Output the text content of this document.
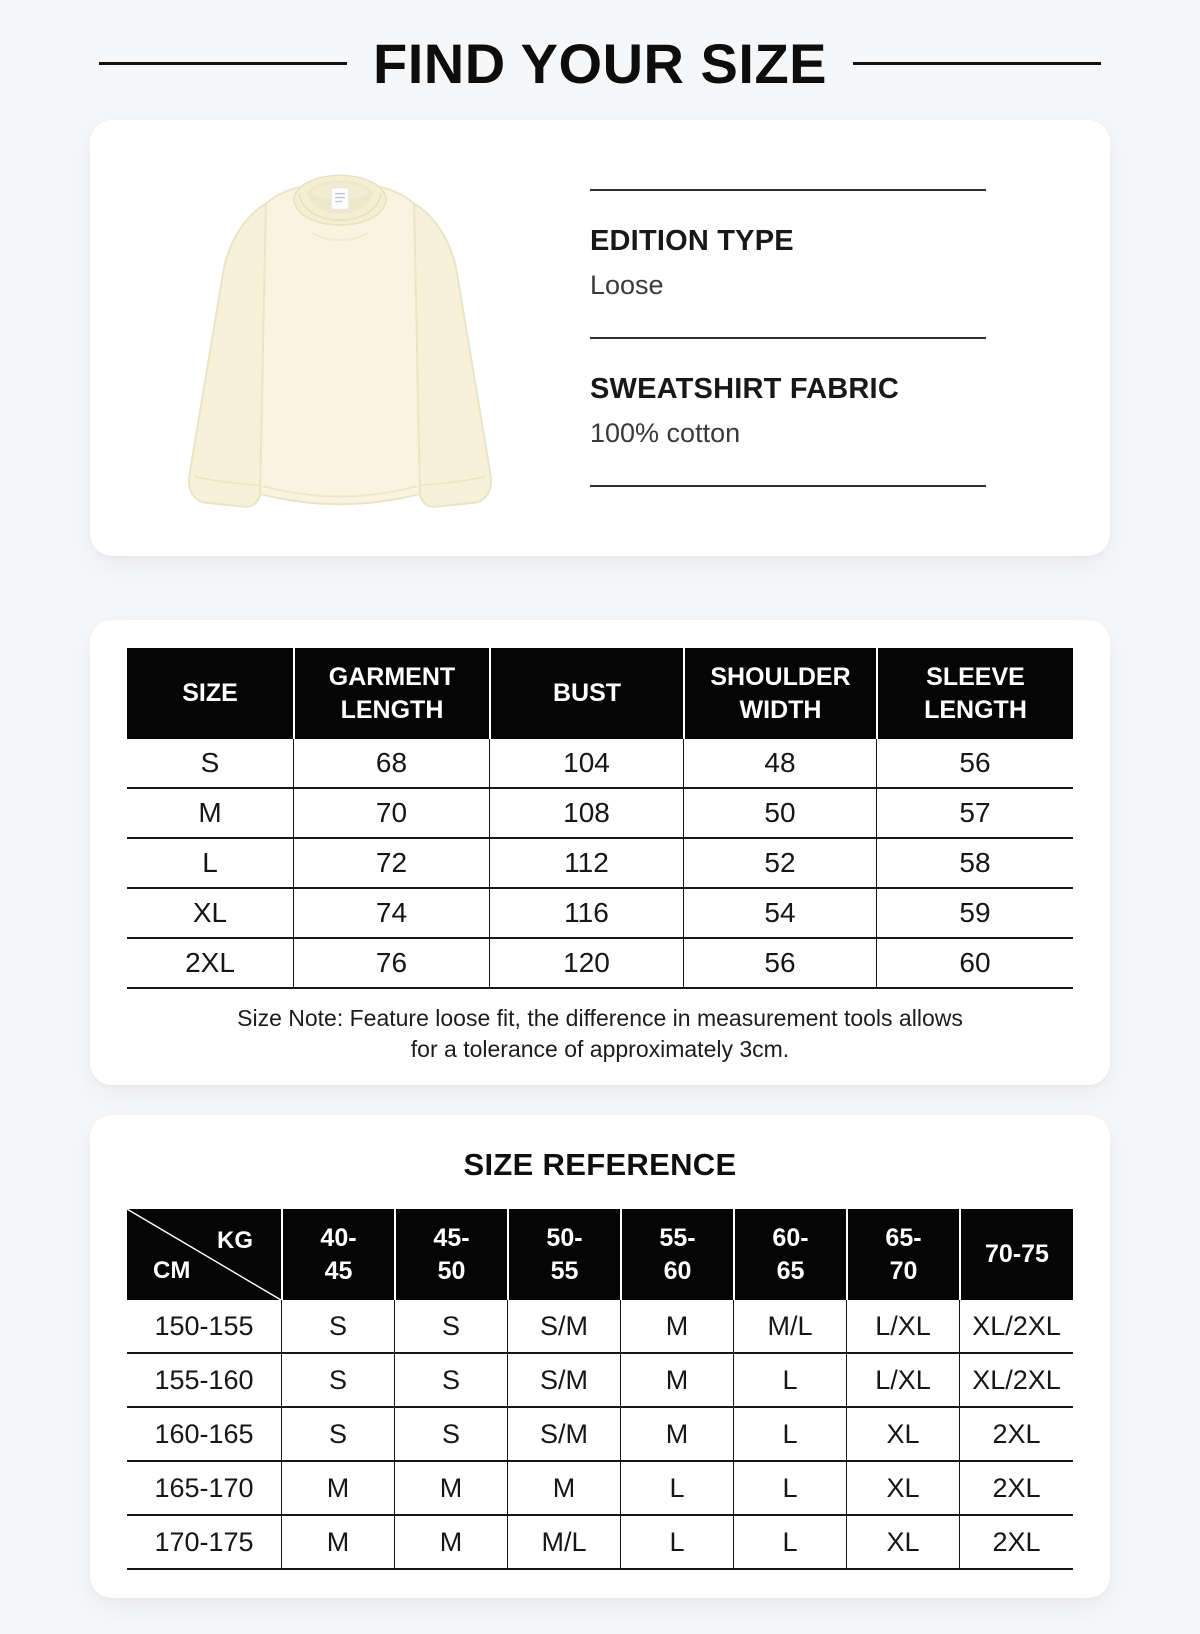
FIND YOUR SIZE
EDITION TYPE
Loose
SWEATSHIRT FABRIC
100% cotton
SIZE	GARMENT LENGTH	BUST	SHOULDER WIDTH	SLEEVE LENGTH
S	68	104	48	56
M	70	108	50	57
L	72	112	52	58
XL	74	116	54	59
2XL	76	120	56	60
Size Note: Feature loose fit, the difference in measurement tools allows
for a tolerance of approximately 3cm.
SIZE REFERENCE
KG
CM	40-45	45-50	50-55	55-60	60-65	65-70	70-75
150-155	S	S	S/M	M	M/L	L/XL	XL/2XL
155-160	S	S	S/M	M	L	L/XL	XL/2XL
160-165	S	S	S/M	M	L	XL	2XL
165-170	M	M	M	L	L	XL	2XL
170-175	M	M	M/L	L	L	XL	2XL
